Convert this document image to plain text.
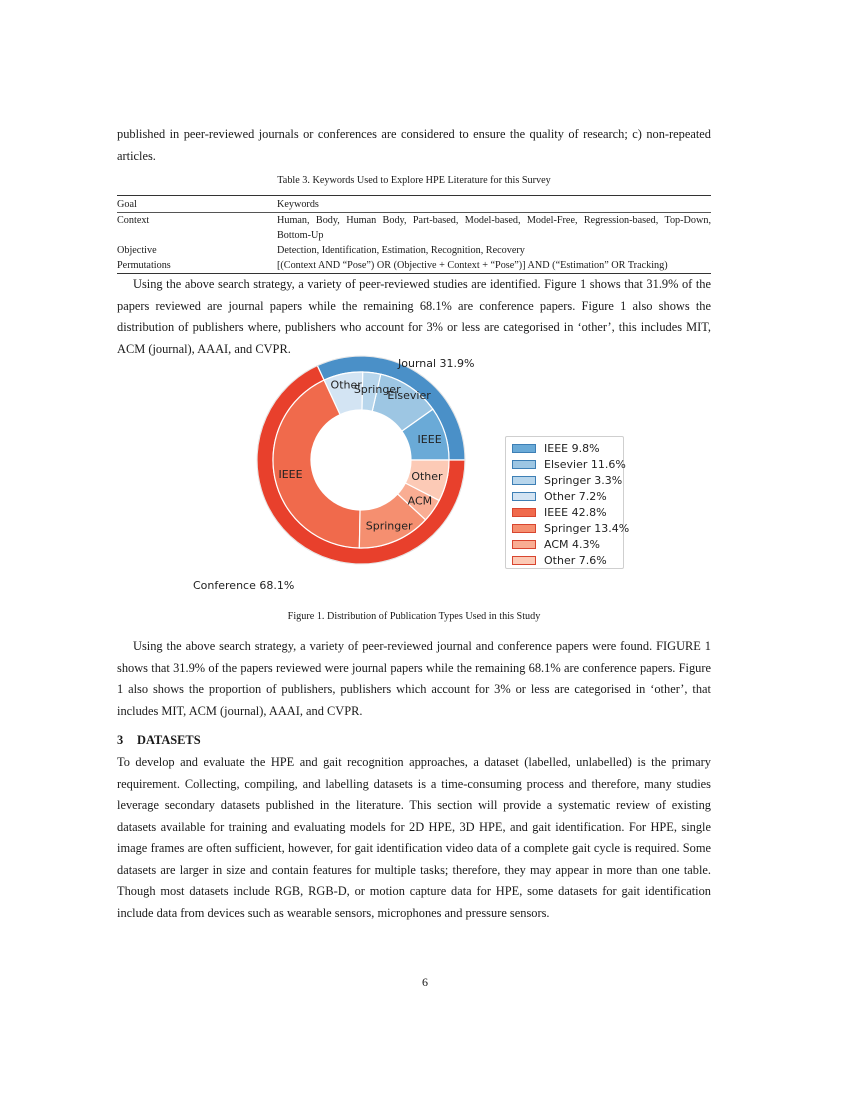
published in peer-reviewed journals or conferences are considered to ensure the quality of research; c) non-repeated articles.

Table 3. Keywords Used to Explore HPE Literature for this Survey
Goal	Keywords
Context	Human, Body, Human Body, Part-based, Model-based, Model-Free, Regression-based, Top-Down, Bottom-Up
Objective	Detection, Identification, Estimation, Recognition, Recovery
Permutations	[(Context AND “Pose”) OR (Objective + Context + “Pose”)] AND (“Estimation” OR Tracking)

Using the above search strategy, a variety of peer-reviewed studies are identified. Figure 1 shows that 31.9% of the papers reviewed are journal papers while the remaining 68.1% are conference papers. Figure 1 also shows the distribution of publishers where, publishers who account for 3% or less are categorised in ‘other’, this includes MIT, ACM (journal), AAAI, and CVPR.

IEEE
Elsevier
Springer
Other
IEEE
Springer
ACM
Other
Journal 31.9%
Conference 68.1%
IEEE 9.8%
Elsevier 11.6%
Springer 3.3%
Other 7.2%
IEEE 42.8%
Springer 13.4%
ACM 4.3%
Other 7.6%
Figure 1. Distribution of Publication Types Used in this Study

Using the above search strategy, a variety of peer-reviewed journal and conference papers were found. FIGURE 1 shows that 31.9% of the papers reviewed were journal papers while the remaining 68.1% are conference papers. Figure 1 also shows the proportion of publishers, publishers which account for 3% or less are categorised in ‘other’, that includes MIT, ACM (journal), AAAI, and CVPR.

3 DATASETS

To develop and evaluate the HPE and gait recognition approaches, a dataset (labelled, unlabelled) is the primary requirement. Collecting, compiling, and labelling datasets is a time-consuming process and therefore, many studies leverage secondary datasets published in the literature. This section will provide a systematic review of existing datasets available for training and evaluating models for 2D HPE, 3D HPE, and gait identification. For HPE, single image frames are often sufficient, however, for gait identification video data of a complete gait cycle is required. Some datasets are larger in size and contain features for multiple tasks; therefore, they may appear in more than one table. Though most datasets include RGB, RGB-D, or motion capture data for HPE, some datasets for gait identification include data from devices such as wearable sensors, microphones and pressure sensors.

6
